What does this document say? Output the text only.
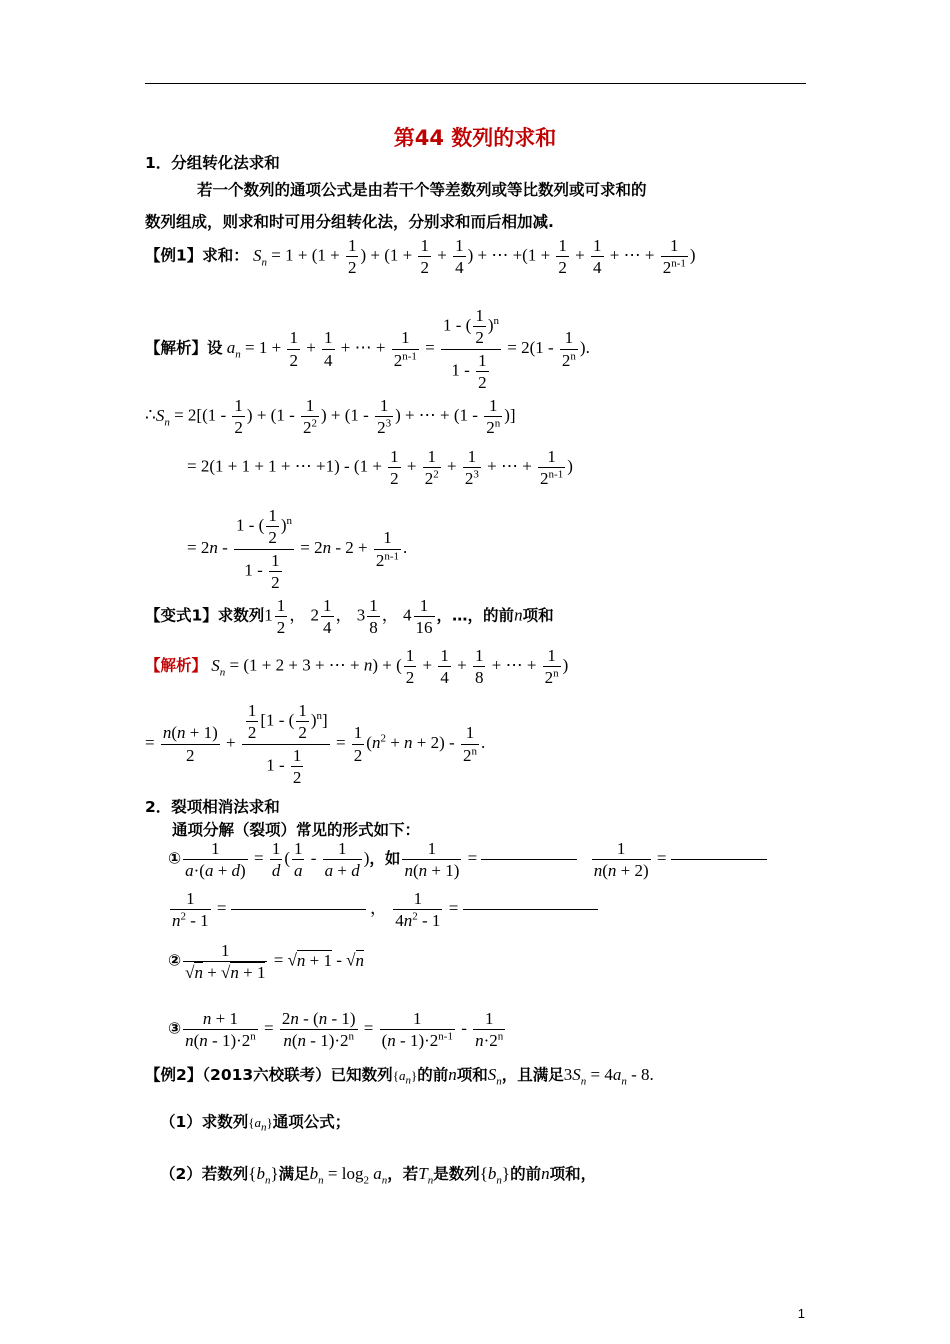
第44 数列的求和
1．分组转化法求和
若一个数列的通项公式是由若干个等差数列或等比数列或可求和的
数列组成，则求和时可用分组转化法，分别求和而后相加减.
【例1】求和： $S_n = 1 + (1 + \frac{1}{2}$ ) + ($1 + \frac{1}{2} + \frac{1}{4}$ ) + ⋯ $+(1 + \frac{1}{2} + \frac{1}{4}$ + ⋯ + $\frac{1}{2^{n-1}}$ )
【解析】设 $a_n = 1 + \frac{1}{2} + \frac{1}{4}$ + ⋯ + $\frac{1}{2^{n-1}} = \frac{1 - ( \frac{1}{2} )^n}{1 - \frac{1}{2}} = 2(1 - \frac{1}{2^n}$ ).
$\therefore S_n = 2[(1 - \frac{1}{2}$ ) + ($1 - \frac{1}{2^2}$ ) + ($1 - \frac{1}{2^3}$ ) + ⋯ + ($1 - \frac{1}{2^n}$ )]
= 2(1 + 1 + 1 + ⋯ $+1) - (1 + \frac{1}{2} + \frac{1}{2^2} + \frac{1}{2^3}$ + ⋯ + $\frac{1}{2^{n-1}}$ )
= $2n - \frac{1 - ( \frac{1}{2} )^n}{1 - \frac{1}{2}} = 2n - 2 + \frac{1}{2^{n-1}}$ .
【变式1】求数列$1 \frac{1}{2}$ ， $2 \frac{1}{4}$ ， $3 \frac{1}{8}$ ， $4 \frac{1}{16}$ ，…，的前n项和
【解析】 $S_n = (1 + 2 + 3$ + ⋯ + n) + ( $\frac{1}{2} + \frac{1}{4} + \frac{1}{8}$ + ⋯ + $\frac{1}{2^n}$ )
= $\frac{n(n + 1)}{2} + \frac{\frac{1}{2} [1 - ( \frac{1}{2} )^n]}{1 - \frac{1}{2}} = \frac{1}{2} (n^2 + n + 2) - \frac{1}{2^n}$ .
2．裂项相消法求和
通项分解（裂项）常见的形式如下：
① $\frac{1}{a\cdot(a + d)} = \frac{1}{d}$ ( $\frac{1}{a} - \frac{1}{a + d}$ )，如 $\frac{1}{n(n + 1)}$ =	$\frac{1}{n(n + 2)}$ =
$\frac{1}{n^2 - 1}$ =	， $\frac{1}{4n^2 - 1}$ =
② $\frac{1}{√n + √n + 1} = √n + 1 - √n$
③ $\frac{n + 1}{n(n - 1)\cdot 2^n} = \frac{2n - (n - 1)}{n(n - 1)\cdot 2^n} = \frac{1}{(n - 1)\cdot 2^{n-1}} - \frac{1}{n\cdot 2^n}$
【例2】（2013六校联考）已知数列$\{a_n\}$的前n项和$S_n$，且满足$3S_n = 4a_n - 8$.
（1）求数列$\{a_n\}$通项公式；
（2）若数列$\{b_n\}$满足$b_n = \log_2 a_n$，若$T_n$是数列$\{b_n\}$的前n项和，
1
